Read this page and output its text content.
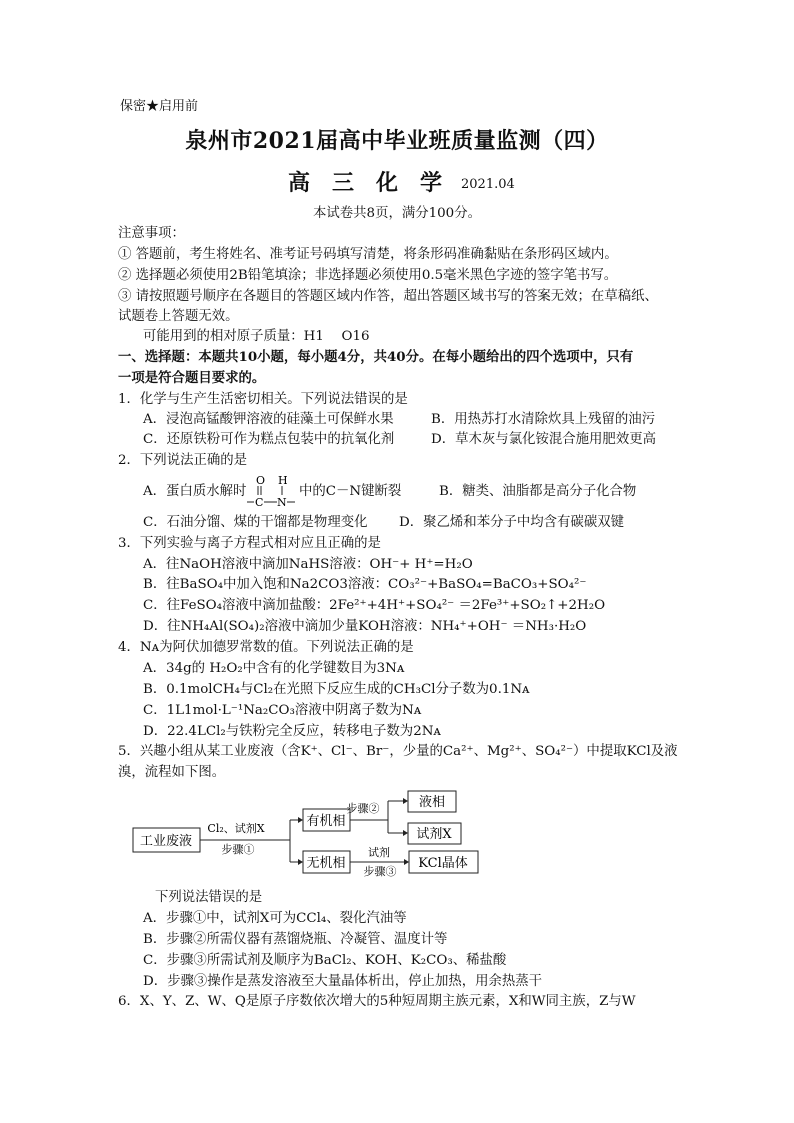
保密★启用前
泉州市2021届高中毕业班质量监测（四）
高 三 化 学	2021.04
本试卷共8页，满分100分。
注意事项：
① 答题前，考生将姓名、准考证号码填写清楚，将条形码准确黏贴在条形码区域内。
② 选择题必须使用2B铅笔填涂；非选择题必须使用0.5毫米黑色字迹的签字笔书写。
③ 请按照题号顺序在各题目的答题区域内作答，超出答题区域书写的答案无效；在草稿纸、
试题卷上答题无效。
可能用到的相对原子质量：H1　 O16
一、选择题：本题共10小题，每小题4分，共40分。在每小题给出的四个选项中，只有
一项是符合题目要求的。
1．化学与生产生活密切相关。下列说法错误的是
A．浸泡高锰酸钾溶液的硅藻土可保鲜水果	B．用热苏打水清除炊具上残留的油污
C．还原铁粉可作为糕点包装中的抗氧化剂	D．草木灰与氯化铵混合施用肥效更高
2．下列说法正确的是
A．蛋白质水解时
O H
C N
中的C－N键断裂	B．糖类、油脂都是高分子化合物
C．石油分馏、煤的干馏都是物理变化 D．聚乙烯和苯分子中均含有碳碳双键
3．下列实验与离子方程式相对应且正确的是
A．往NaOH溶液中滴加NaHS溶液：OH⁻+ H⁺=H₂O
B．往BaSO₄中加入饱和Na2CO3溶液：CO₃²⁻+BaSO₄=BaCO₃+SO₄²⁻
C．往FeSO₄溶液中滴加盐酸：2Fe²⁺+4H⁺+SO₄²⁻ ＝2Fe³⁺+SO₂↑+2H₂O
D．往NH₄Al(SO₄)₂溶液中滴加少量KOH溶液：NH₄⁺+OH⁻ ＝NH₃·H₂O
4．Nᴀ为阿伏加德罗常数的值。下列说法正确的是
A．34g的 H₂O₂中含有的化学键数目为3Nᴀ
B．0.1molCH₄与Cl₂在光照下反应生成的CH₃Cl分子数为0.1Nᴀ
C．1L1mol·L⁻¹Na₂CO₃溶液中阴离子数为Nᴀ
D．22.4LCl₂与铁粉完全反应，转移电子数为2Nᴀ
5．兴趣小组从某工业废液（含K⁺、Cl⁻、Br⁻，少量的Ca²⁺、Mg²⁺、SO₄²⁻）中提取KCl及液
溴，流程如下图。
工业废液
Cl₂、试剂X
步骤①
有机相
无机相
步骤②	液相
试剂X
试剂
步骤③
KCl晶体
下列说法错误的是
A．步骤①中，试剂X可为CCl₄、裂化汽油等
B．步骤②所需仪器有蒸馏烧瓶、冷凝管、温度计等
C．步骤③所需试剂及顺序为BaCl₂、KOH、K₂CO₃、稀盐酸
D．步骤③操作是蒸发溶液至大量晶体析出，停止加热，用余热蒸干
6．X、Y、Z、W、Q是原子序数依次增大的5种短周期主族元素，X和W同主族，Z与W
